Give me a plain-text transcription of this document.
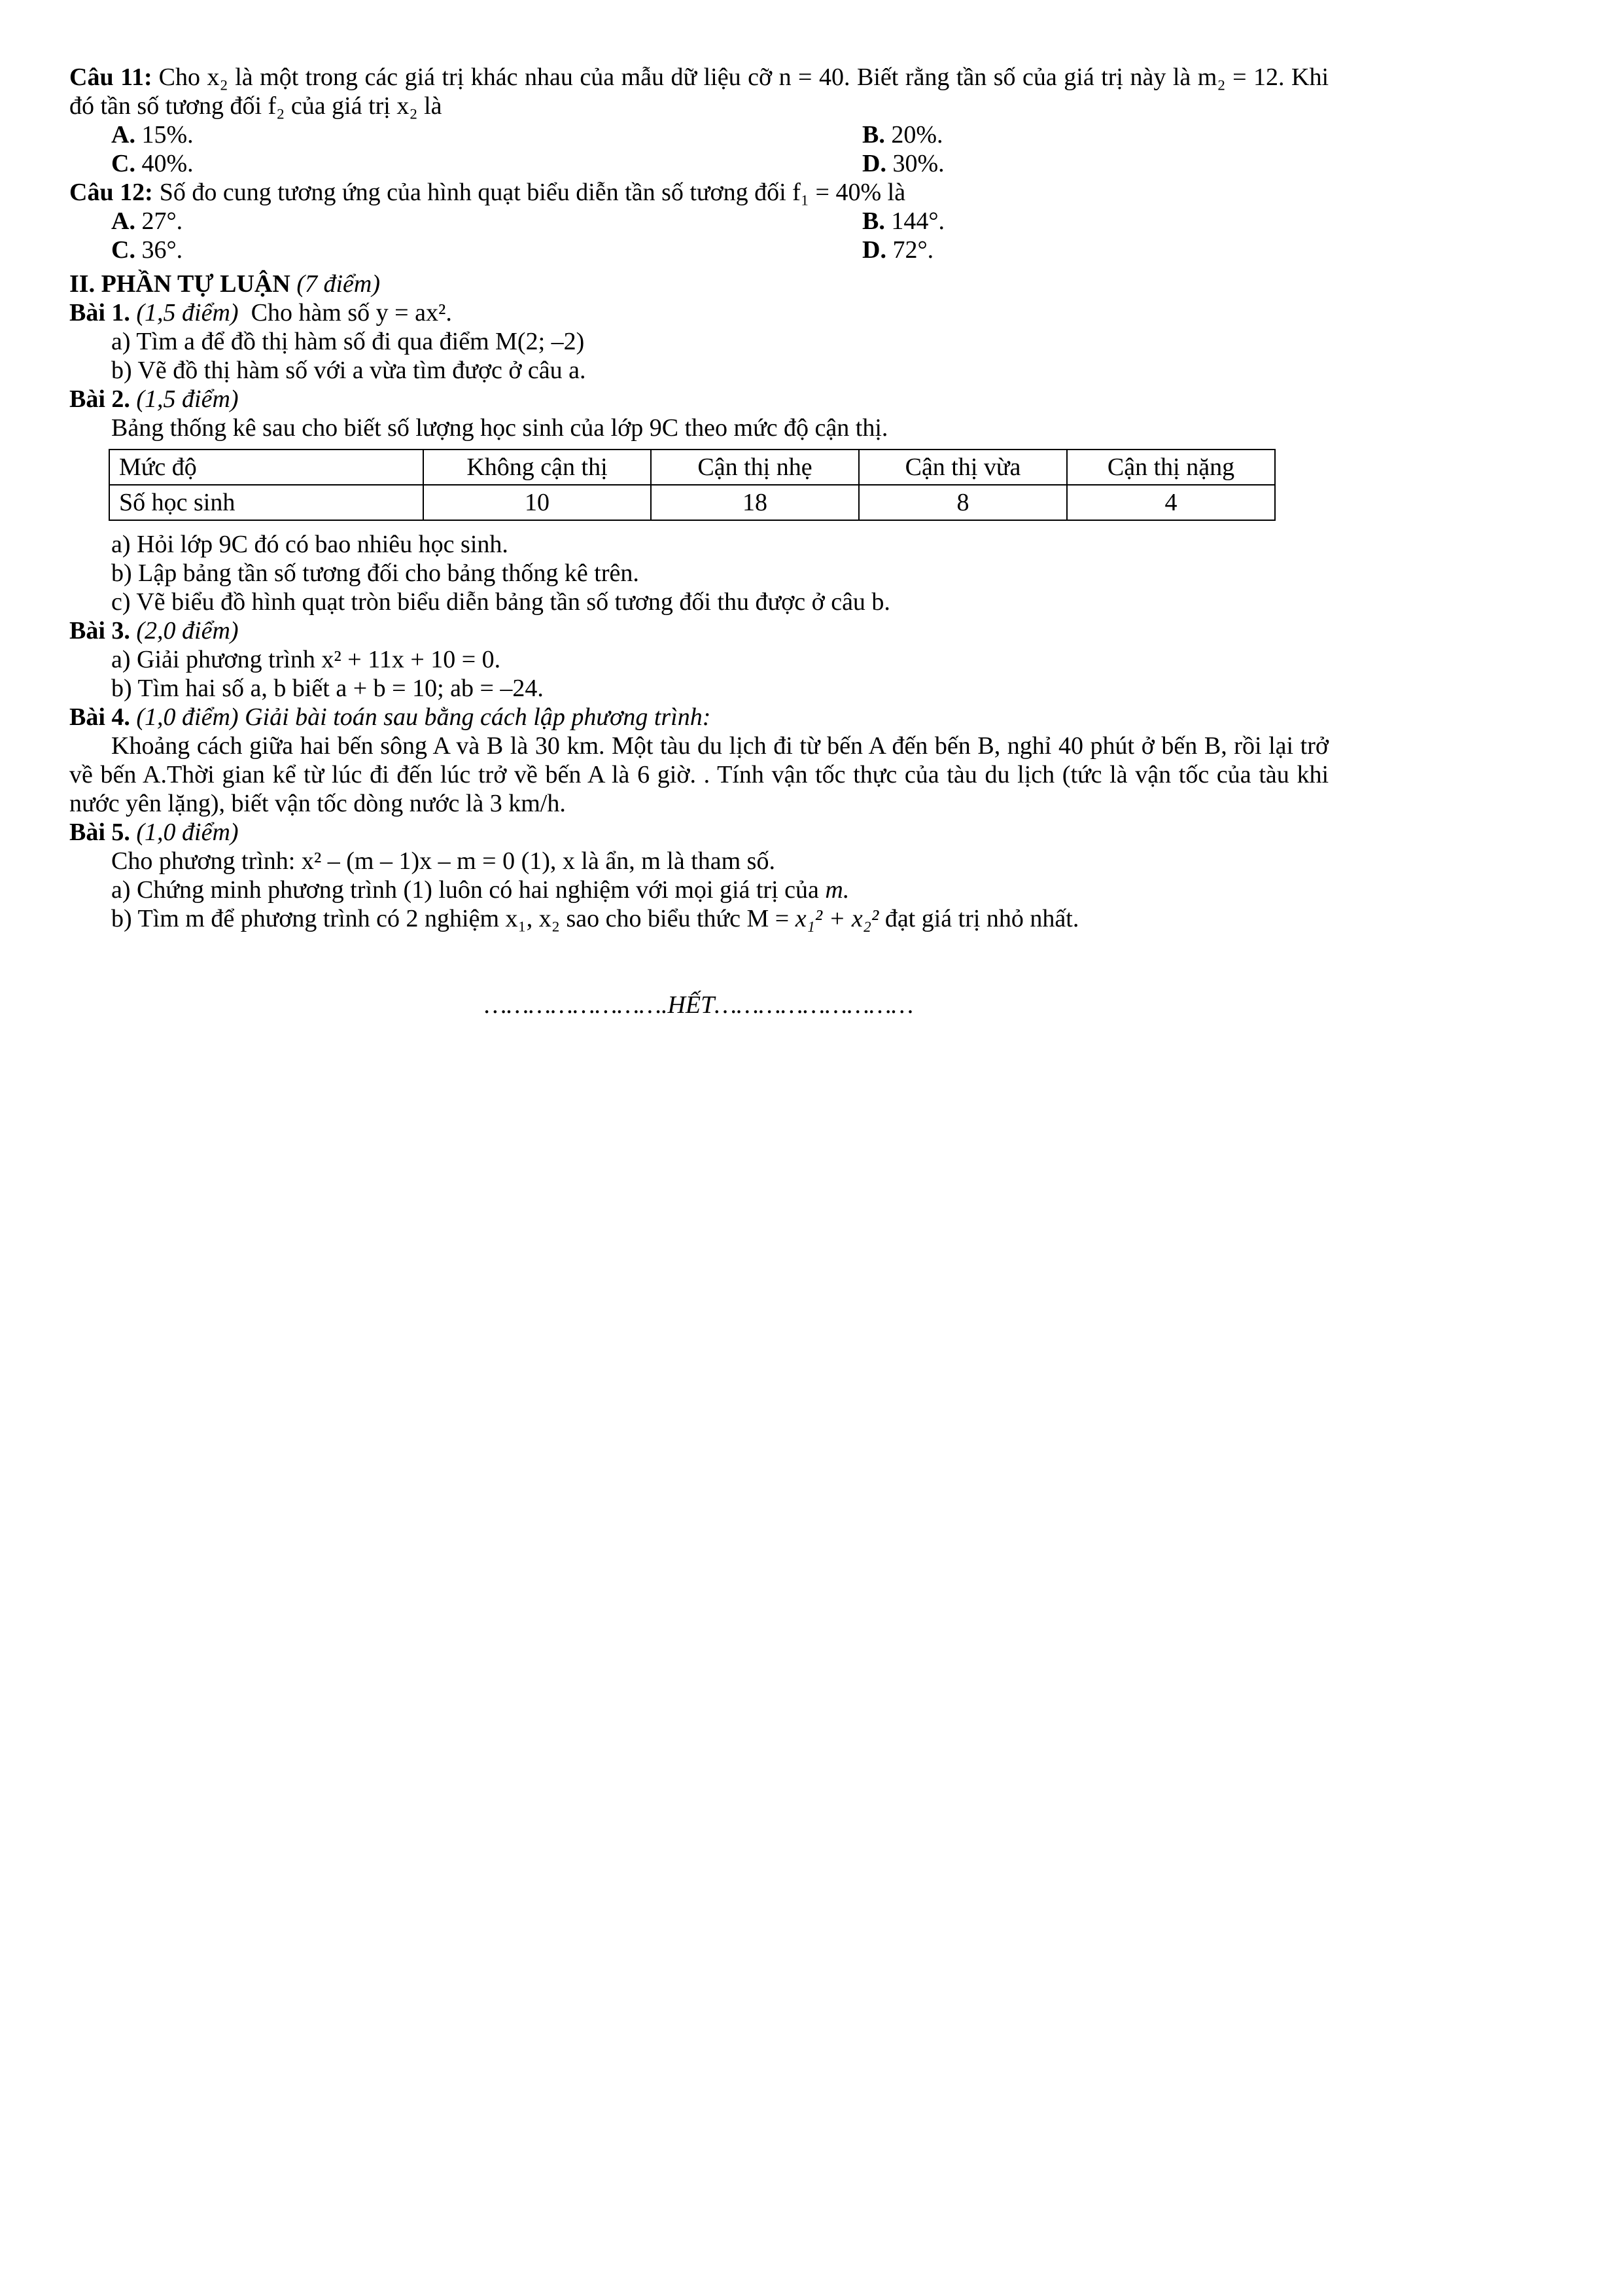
Câu 11: Cho x₂ là một trong các giá trị khác nhau của mẫu dữ liệu cỡ n = 40. Biết rằng tần số của giá trị này là m₂ = 12. Khi đó tần số tương đối f₂ của giá trị x₂ là

A. 15%.	B. 20%.
C. 40%.	D. 30%.

Câu 12: Số đo cung tương ứng của hình quạt biểu diễn tần số tương đối f₁ = 40% là

A. 27°.	B. 144°.
C. 36°.	D. 72°.

II. PHẦN TỰ LUẬN (7 điểm)

Bài 1. (1,5 điểm) Cho hàm số y = ax².

a) Tìm a để đồ thị hàm số đi qua điểm M(2; –2)

b) Vẽ đồ thị hàm số với a vừa tìm được ở câu a.

Bài 2. (1,5 điểm)

Bảng thống kê sau cho biết số lượng học sinh của lớp 9C theo mức độ cận thị.

Mức độ	Không cận thị	Cận thị nhẹ	Cận thị vừa	Cận thị nặng
Số học sinh	10	18	8	4

a) Hỏi lớp 9C đó có bao nhiêu học sinh.

b) Lập bảng tần số tương đối cho bảng thống kê trên.

c) Vẽ biểu đồ hình quạt tròn biểu diễn bảng tần số tương đối thu được ở câu b.

Bài 3. (2,0 điểm)

a) Giải phương trình x² + 11x + 10 = 0.

b) Tìm hai số a, b biết a + b = 10; ab = –24.

Bài 4. (1,0 điểm) Giải bài toán sau bằng cách lập phương trình:

Khoảng cách giữa hai bến sông A và B là 30 km. Một tàu du lịch đi từ bến A đến bến B, nghỉ 40 phút ở bến B, rồi lại trở về bến A.Thời gian kể từ lúc đi đến lúc trở về bến A là 6 giờ. . Tính vận tốc thực của tàu du lịch (tức là vận tốc của tàu khi nước yên lặng), biết vận tốc dòng nước là 3 km/h.

Bài 5. (1,0 điểm)

Cho phương trình: x² – (m – 1)x – m = 0 (1), x là ẩn, m là tham số.

a) Chứng minh phương trình (1) luôn có hai nghiệm với mọi giá trị của m.

b) Tìm m để phương trình có 2 nghiệm x₁, x₂ sao cho biểu thức M = x₁² + x₂² đạt giá trị nhỏ nhất.

…………………….HẾT………………………
